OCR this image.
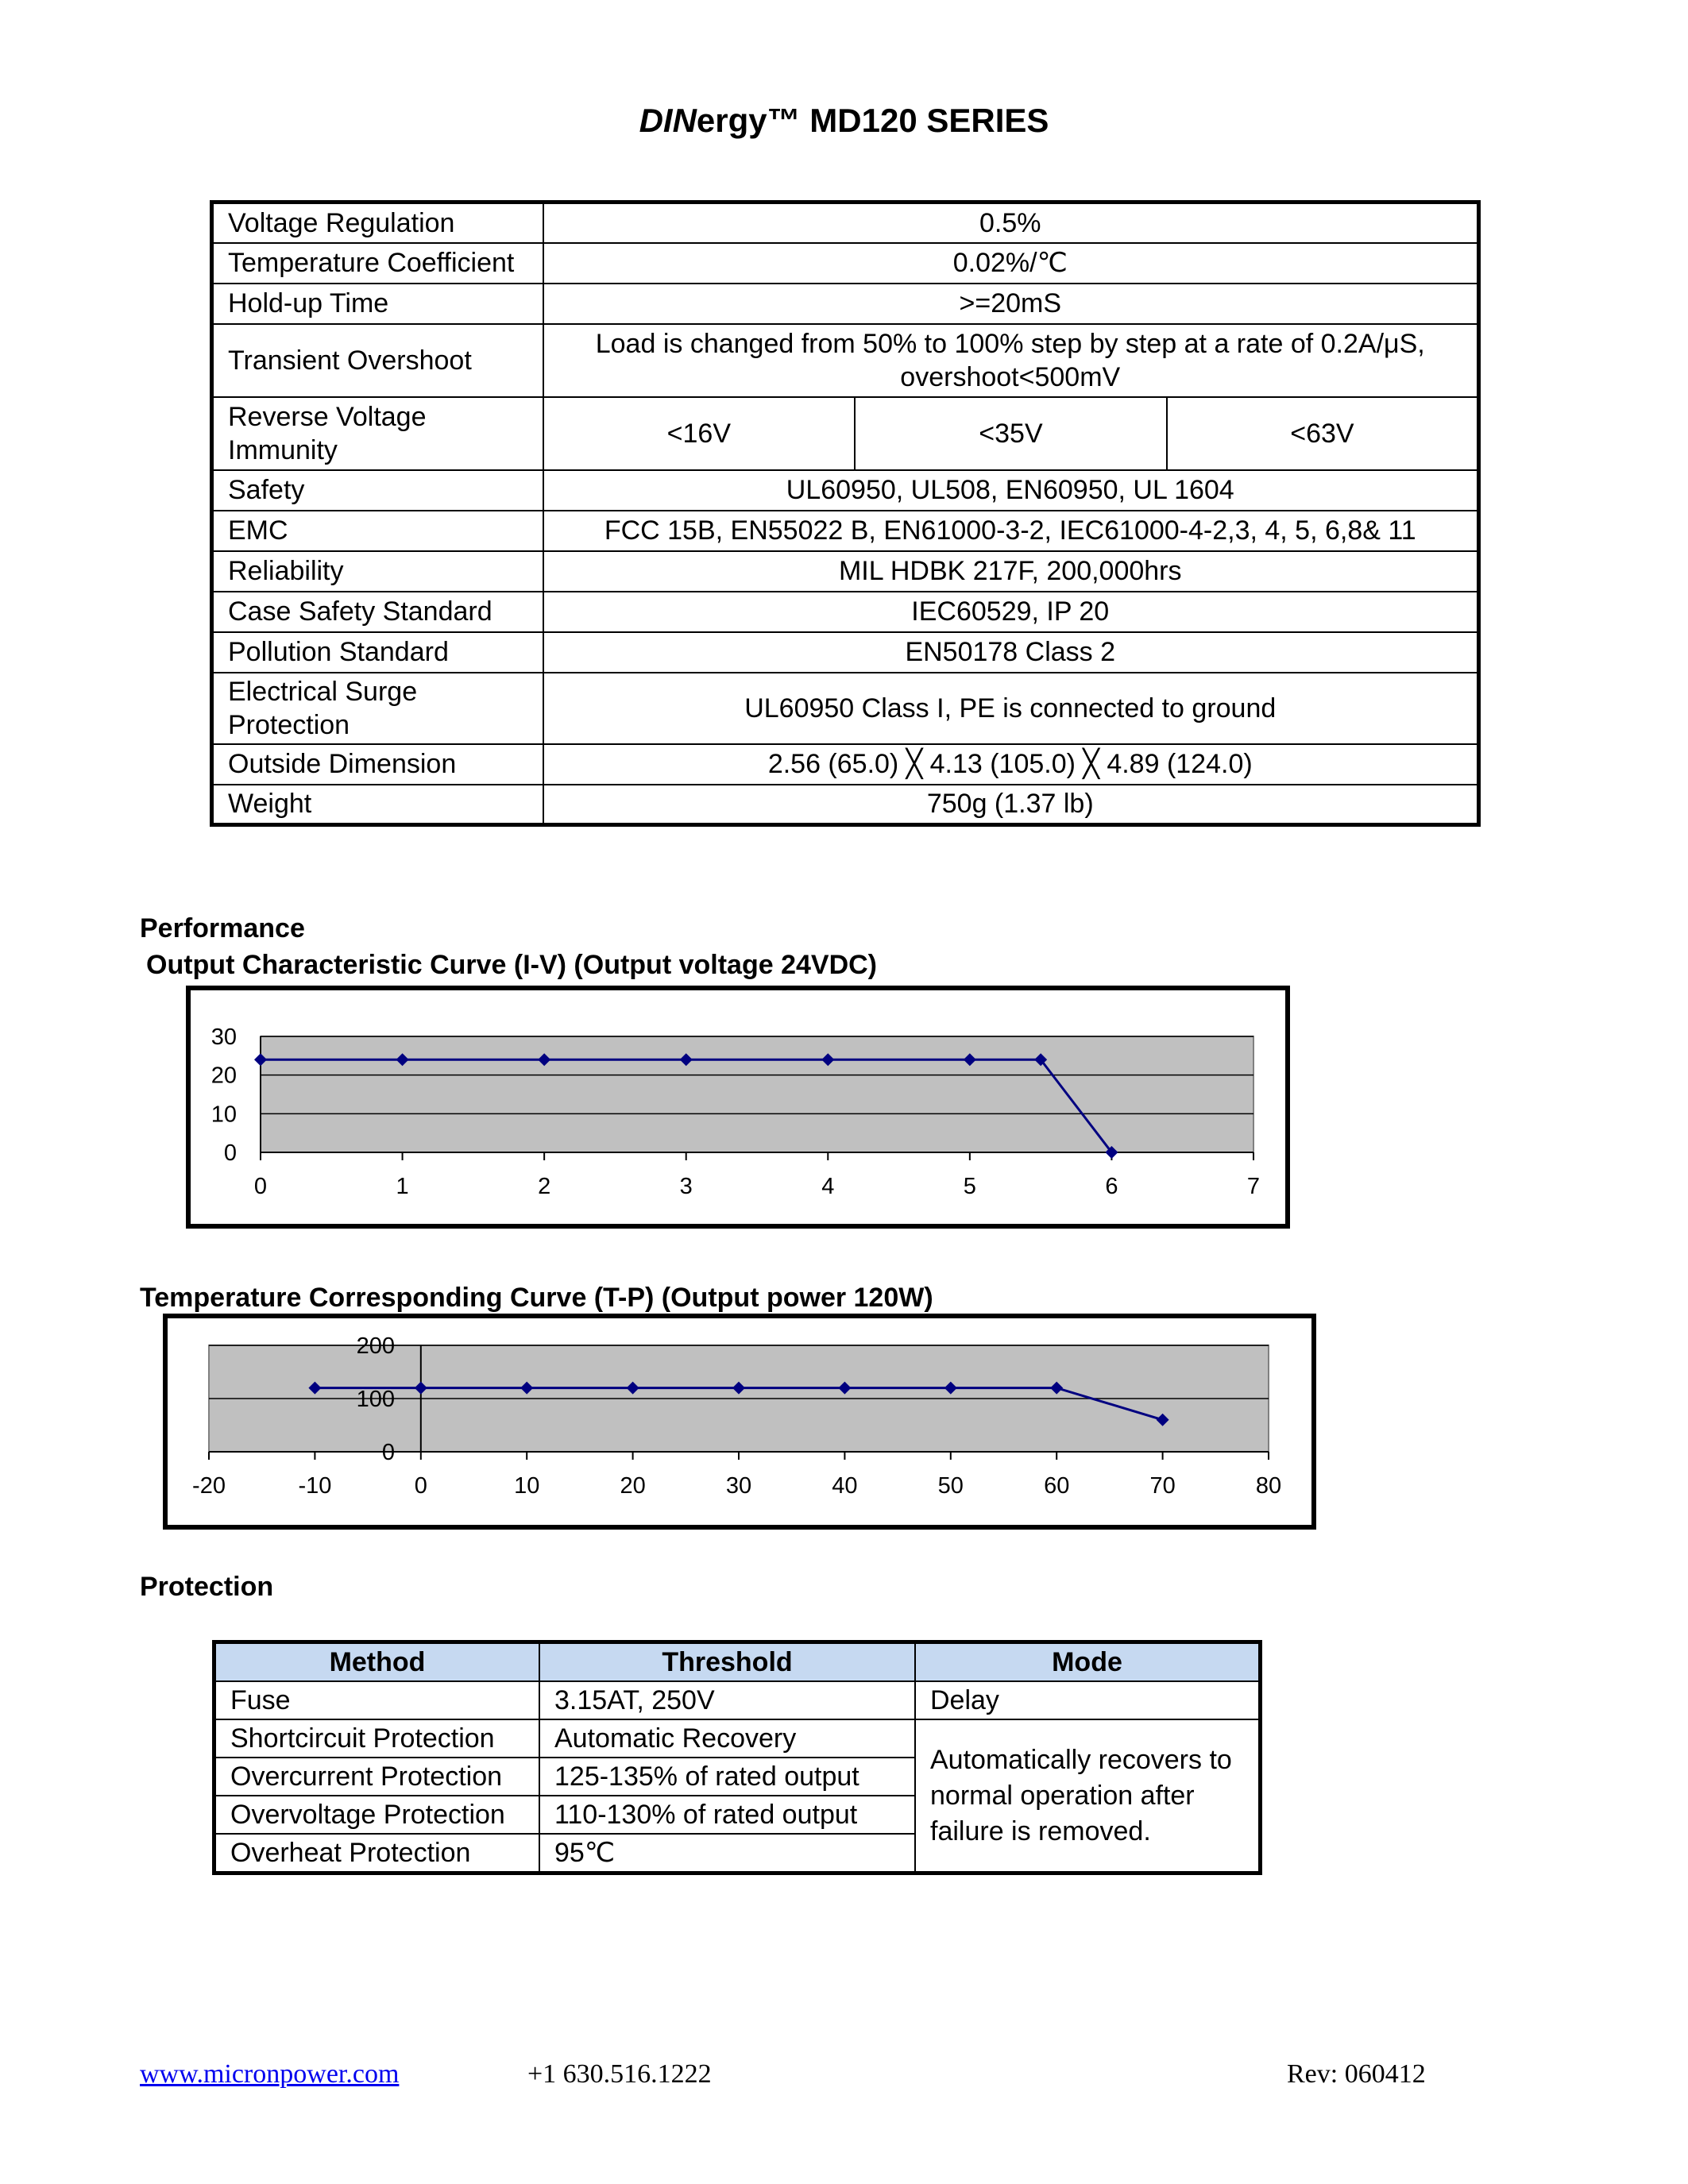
DINergy™ MD120 SERIES
Voltage Regulation	0.5%		
Temperature Coefficient	0.02%/℃		
Hold-up Time	>=20mS		
Transient Overshoot	Load is changed from 50% to 100% step by step at a rate of 0.2A/μS,
overshoot<500mV		

Reverse Voltage Immunity	<16V	<35V	<63V
Safety	UL60950, UL508, EN60950, UL 1604		
EMC	FCC 15B, EN55022 B, EN61000-3-2, IEC61000-4-2,3, 4, 5, 6,8& 11		
Reliability	MIL HDBK 217F, 200,000hrs		
Case Safety Standard	IEC60529, IP 20		
Pollution Standard	EN50178 Class 2		
Electrical Surge Protection	UL60950 Class I, PE is connected to ground		
Outside Dimension	2.56 (65.0) ╳ 4.13 (105.0) ╳ 4.89 (124.0)		
Weight	750g (1.37 lb)		
Performance
Output Characteristic Curve (I-V) (Output voltage 24VDC)
0
10
20
30
0	1	2	3	4	5	6	7
Temperature Corresponding Curve (T-P) (Output power 120W)
0
100
200
-20	-10	0	10	20	30	40	50	60	70	80
Protection
Method	Threshold	Mode
Fuse	3.15AT, 250V	Delay
Shortcircuit Protection	Automatic Recovery	Automatically recovers to
normal operation after
failure is removed.

Overcurrent Protection	125-135% of rated output	
Overvoltage Protection	110-130% of rated output	
Overheat Protection	95℃	
www.micronpower.com	+1 630.516.1222	Rev: 060412
